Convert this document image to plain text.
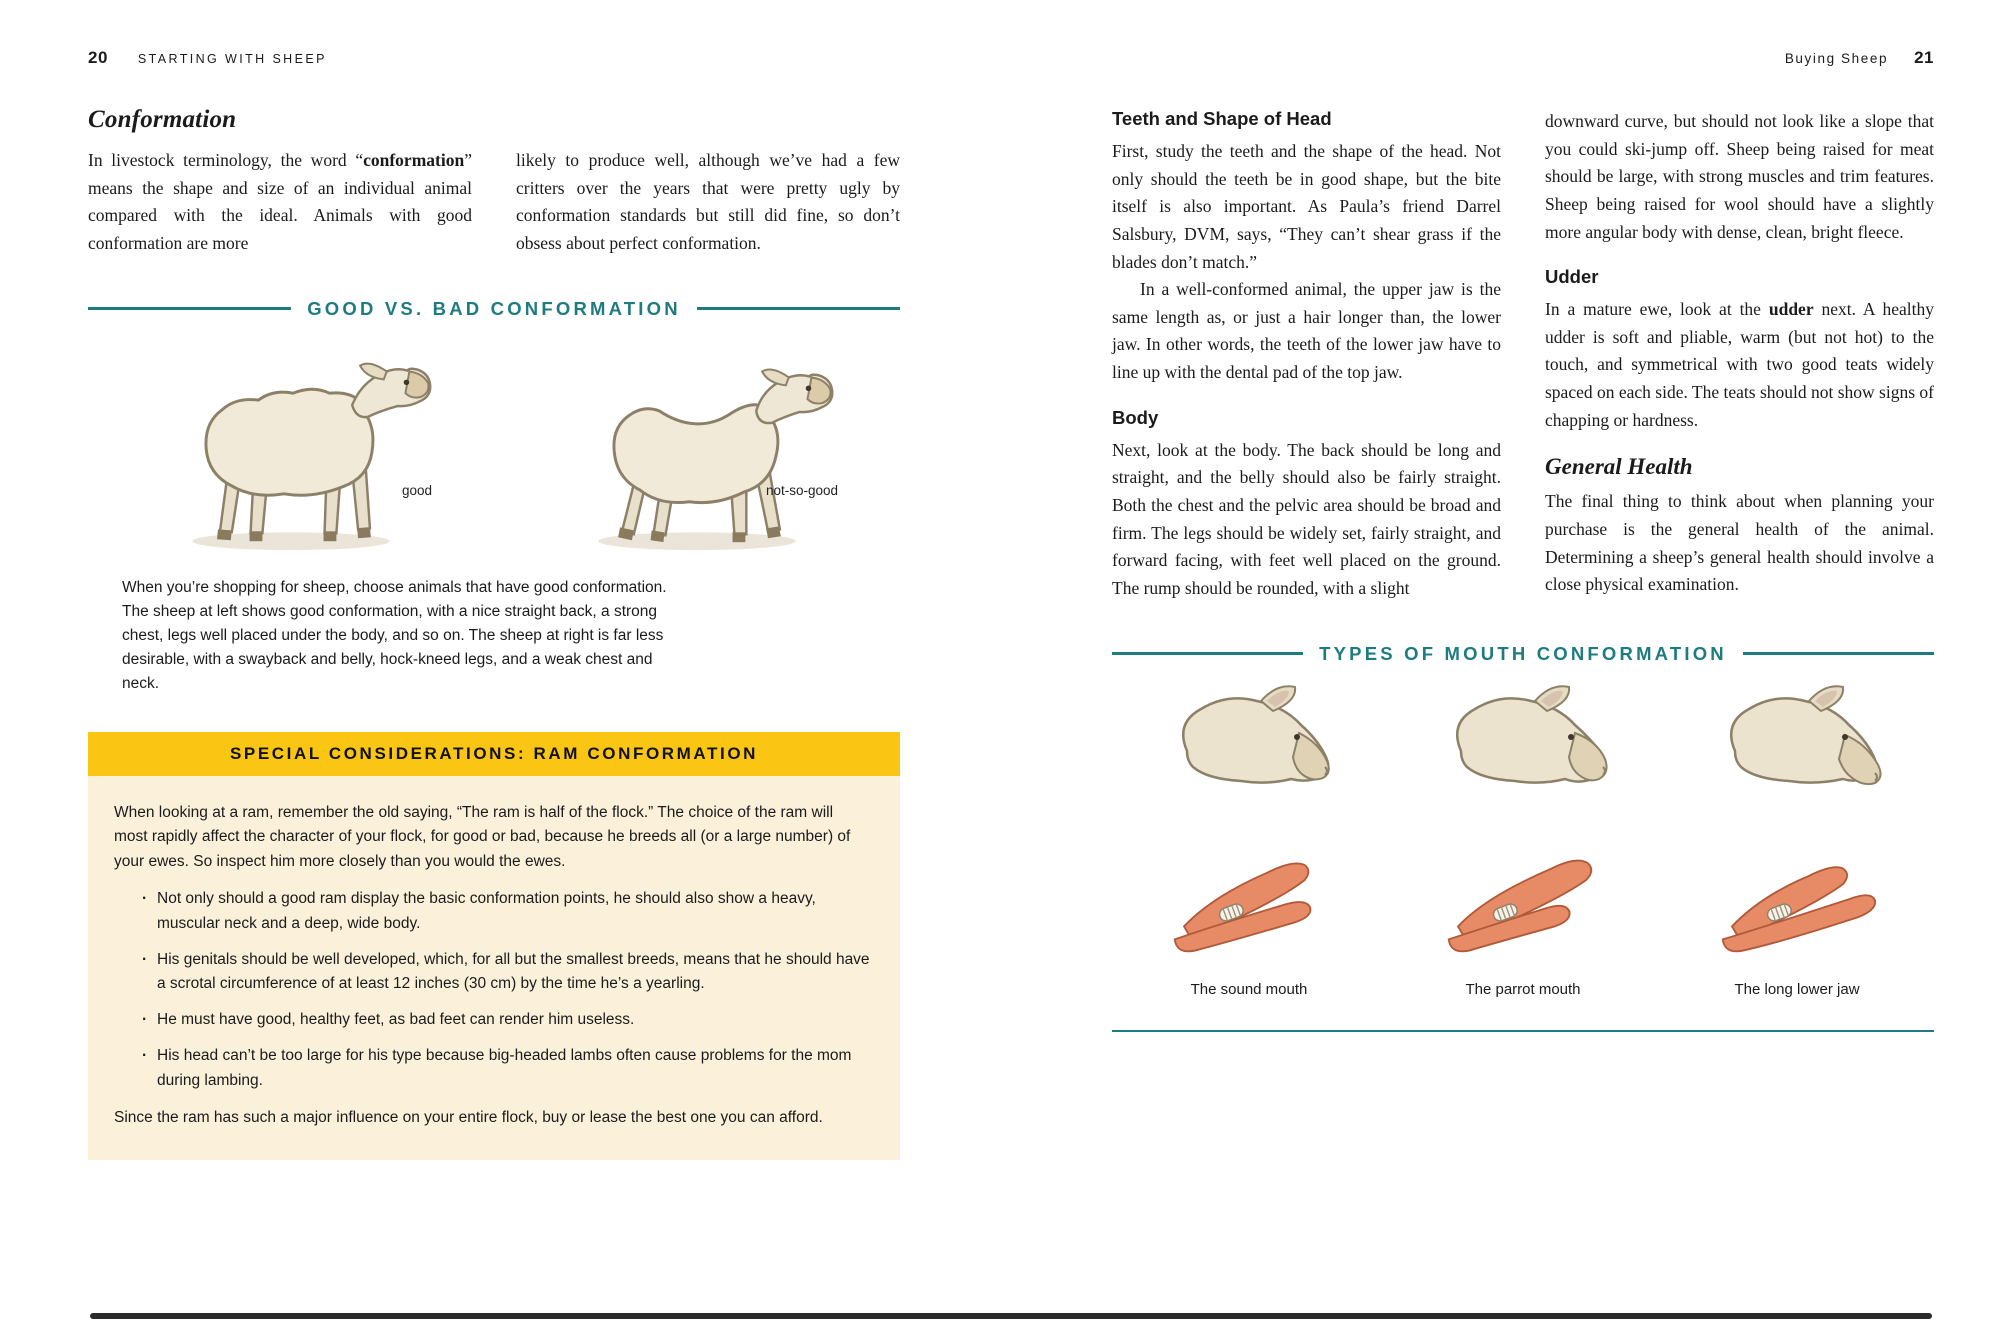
20 STARTING WITH SHEEP
Conformation

In livestock terminology, the word “conformation” means the shape and size of an individual animal compared with the ideal. Animals with good conformation are more

likely to produce well, although we’ve had a few critters over the years that were pretty ugly by conformation standards but still did fine, so don’t obsess about perfect conformation.

GOOD VS. BAD CONFORMATION
good	not-so-good

When you’re shopping for sheep, choose animals that have good conformation. The sheep at left shows good conformation, with a nice straight back, a strong chest, legs well placed under the body, and so on. The sheep at right is far less desirable, with a swayback and belly, hock-kneed legs, and a weak chest and neck.

SPECIAL CONSIDERATIONS: RAM CONFORMATION

When looking at a ram, remember the old saying, “The ram is half of the flock.” The choice of the ram will most rapidly affect the character of your flock, for good or bad, because he breeds all (or a large number) of your ewes. So inspect him more closely than you would the ewes.

· Not only should a good ram display the basic conformation points, he should also show a heavy, muscular neck and a deep, wide body.
· His genitals should be well developed, which, for all but the smallest breeds, means that he should have a scrotal circumference of at least 12 inches (30 cm) by the time he’s a yearling.
· He must have good, healthy feet, as bad feet can render him useless.
· His head can’t be too large for his type because big-headed lambs often cause problems for the mom during lambing.

Since the ram has such a major influence on your entire flock, buy or lease the best one you can afford.

Buying Sheep 21
Teeth and Shape of Head

First, study the teeth and the shape of the head. Not only should the teeth be in good shape, but the bite itself is also important. As Paula’s friend Darrel Salsbury, DVM, says, “They can’t shear grass if the blades don’t match.”

In a well-conformed animal, the upper jaw is the same length as, or just a hair longer than, the lower jaw. In other words, the teeth of the lower jaw have to line up with the dental pad of the top jaw.

Body

Next, look at the body. The back should be long and straight, and the belly should also be fairly straight. Both the chest and the pelvic area should be broad and firm. The legs should be widely set, fairly straight, and forward facing, with feet well placed on the ground. The rump should be rounded, with a slight

downward curve, but should not look like a slope that you could ski-jump off. Sheep being raised for meat should be large, with strong muscles and trim features. Sheep being raised for wool should have a slightly more angular body with dense, clean, bright fleece.

Udder

In a mature ewe, look at the udder next. A healthy udder is soft and pliable, warm (but not hot) to the touch, and symmetrical with two good teats widely spaced on each side. The teats should not show signs of chapping or hardness.

General Health

The final thing to think about when planning your purchase is the general health of the animal. Determining a sheep’s general health should involve a close physical examination.

TYPES OF MOUTH CONFORMATION
The sound mouth	The parrot mouth	The long lower jaw
